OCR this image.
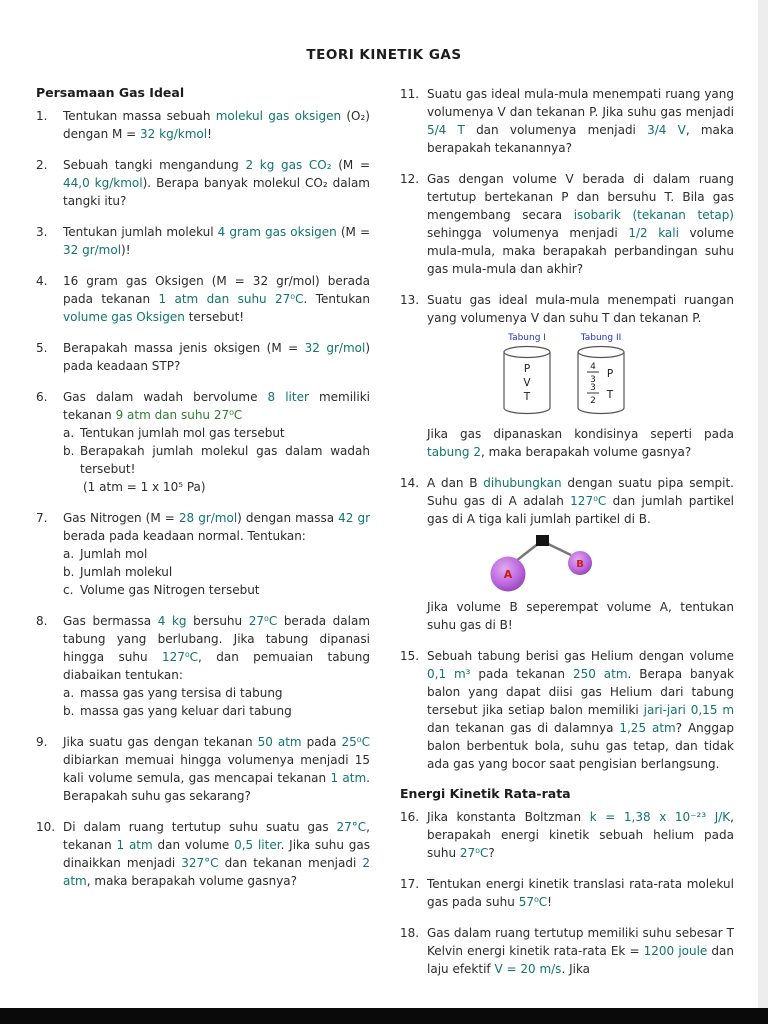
TEORI KINETIK GAS
Persamaan Gas Ideal
1.	Tentukan massa sebuah molekul gas oksigen (O₂) dengan M = 32 kg/kmol!
2.	Sebuah tangki mengandung 2 kg gas CO₂ (M = 44,0 kg/kmol). Berapa banyak molekul CO₂ dalam tangki itu?
3.	Tentukan jumlah molekul 4 gram gas oksigen (M = 32 gr/mol)!
4.	16 gram gas Oksigen (M = 32 gr/mol) berada pada tekanan 1 atm dan suhu 27⁰C. Tentukan volume gas Oksigen tersebut!
5.	Berapakah massa jenis oksigen (M = 32 gr/mol) pada keadaan STP?
6.	Gas dalam wadah bervolume 8 liter memiliki tekanan 9 atm dan suhu 27⁰C
a. Tentukan jumlah mol gas tersebut
b. Berapakah jumlah molekul gas dalam wadah tersebut!
(1 atm = 1 x 10⁵ Pa)
7.	Gas Nitrogen (M = 28 gr/mol) dengan massa 42 gr berada pada keadaan normal. Tentukan:
a. Jumlah mol
b. Jumlah molekul
c. Volume gas Nitrogen tersebut
8.	Gas bermassa 4 kg bersuhu 27⁰C berada dalam tabung yang berlubang. Jika tabung dipanasi hingga suhu 127⁰C, dan pemuaian tabung diabaikan tentukan:
a. massa gas yang tersisa di tabung
b. massa gas yang keluar dari tabung
9.	Jika suatu gas dengan tekanan 50 atm pada 25⁰C dibiarkan memuai hingga volumenya menjadi 15 kali volume semula, gas mencapai tekanan 1 atm. Berapakah suhu gas sekarang?
10. Di dalam ruang tertutup suhu suatu gas 27°C, tekanan 1 atm dan volume 0,5 liter. Jika suhu gas dinaikkan menjadi 327°C dan tekanan menjadi 2 atm, maka berapakah volume gasnya?
11. Suatu gas ideal mula-mula menempati ruang yang volumenya V dan tekanan P. Jika suhu gas menjadi 5/4 T dan volumenya menjadi 3/4 V, maka berapakah tekanannya?
12. Gas dengan volume V berada di dalam ruang tertutup bertekanan P dan bersuhu T. Bila gas mengembang secara isobarik (tekanan tetap) sehingga volumenya menjadi 1/2 kali volume mula-mula, maka berapakah perbandingan suhu gas mula-mula dan akhir?
13. Suatu gas ideal mula-mula menempati ruangan yang volumenya V dan suhu T dan tekanan P.
Tabung I	Tabung II
P
V
T
4
3 P
3
2 T
Jika gas dipanaskan kondisinya seperti pada tabung 2, maka berapakah volume gasnya?
14. A dan B dihubungkan dengan suatu pipa sempit. Suhu gas di A adalah 127⁰C dan jumlah partikel gas di A tiga kali jumlah partikel di B.
A
B
Jika volume B seperempat volume A, tentukan suhu gas di B!
15. Sebuah tabung berisi gas Helium dengan volume 0,1 m³ pada tekanan 250 atm. Berapa banyak balon yang dapat diisi gas Helium dari tabung tersebut jika setiap balon memiliki jari-jari 0,15 m dan tekanan gas di dalamnya 1,25 atm? Anggap balon berbentuk bola, suhu gas tetap, dan tidak ada gas yang bocor saat pengisian berlangsung.
Energi Kinetik Rata-rata
16. Jika konstanta Boltzman k = 1,38 x 10⁻²³ J/K, berapakah energi kinetik sebuah helium pada suhu 27⁰C?
17. Tentukan energi kinetik translasi rata-rata molekul gas pada suhu 57⁰C!
18. Gas dalam ruang tertutup memiliki suhu sebesar T Kelvin energi kinetik rata-rata Ek = 1200 joule dan laju efektif V = 20 m/s. Jika
